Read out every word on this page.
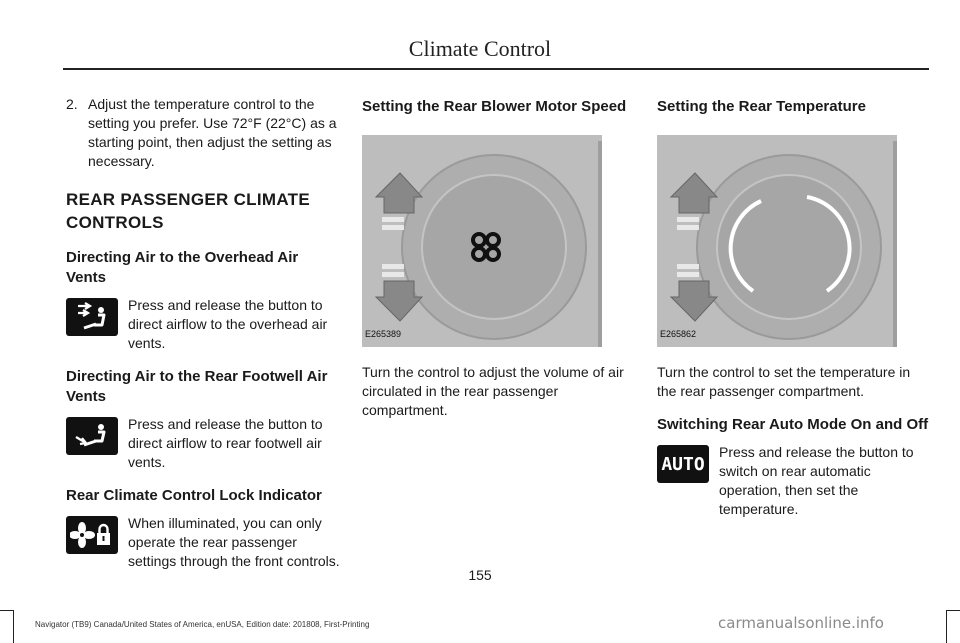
Climate Control

2. Adjust the temperature control to the setting you prefer. Use 72°F (22°C) as a starting point, then adjust the setting as necessary.

REAR PASSENGER CLIMATE CONTROLS
Directing Air to the Overhead Air Vents
Press and release the button to direct airflow to the overhead air vents.
Directing Air to the Rear Footwell Air Vents
Press and release the button to direct airflow to rear footwell air vents.
Rear Climate Control Lock Indicator
When illuminated, you can only operate the rear passenger settings through the front controls.
Setting the Rear Blower Motor Speed
E265389

Turn the control to adjust the volume of air circulated in the rear passenger compartment.

Setting the Rear Temperature
E265862

Turn the control to set the temperature in the rear passenger compartment.

Switching Rear Auto Mode On and Off
AUTO
Press and release the button to switch on rear automatic operation, then set the temperature.
155
Navigator (TB9) Canada/United States of America, enUSA, Edition date: 201808, First-Printing	carmanualsonline.info
